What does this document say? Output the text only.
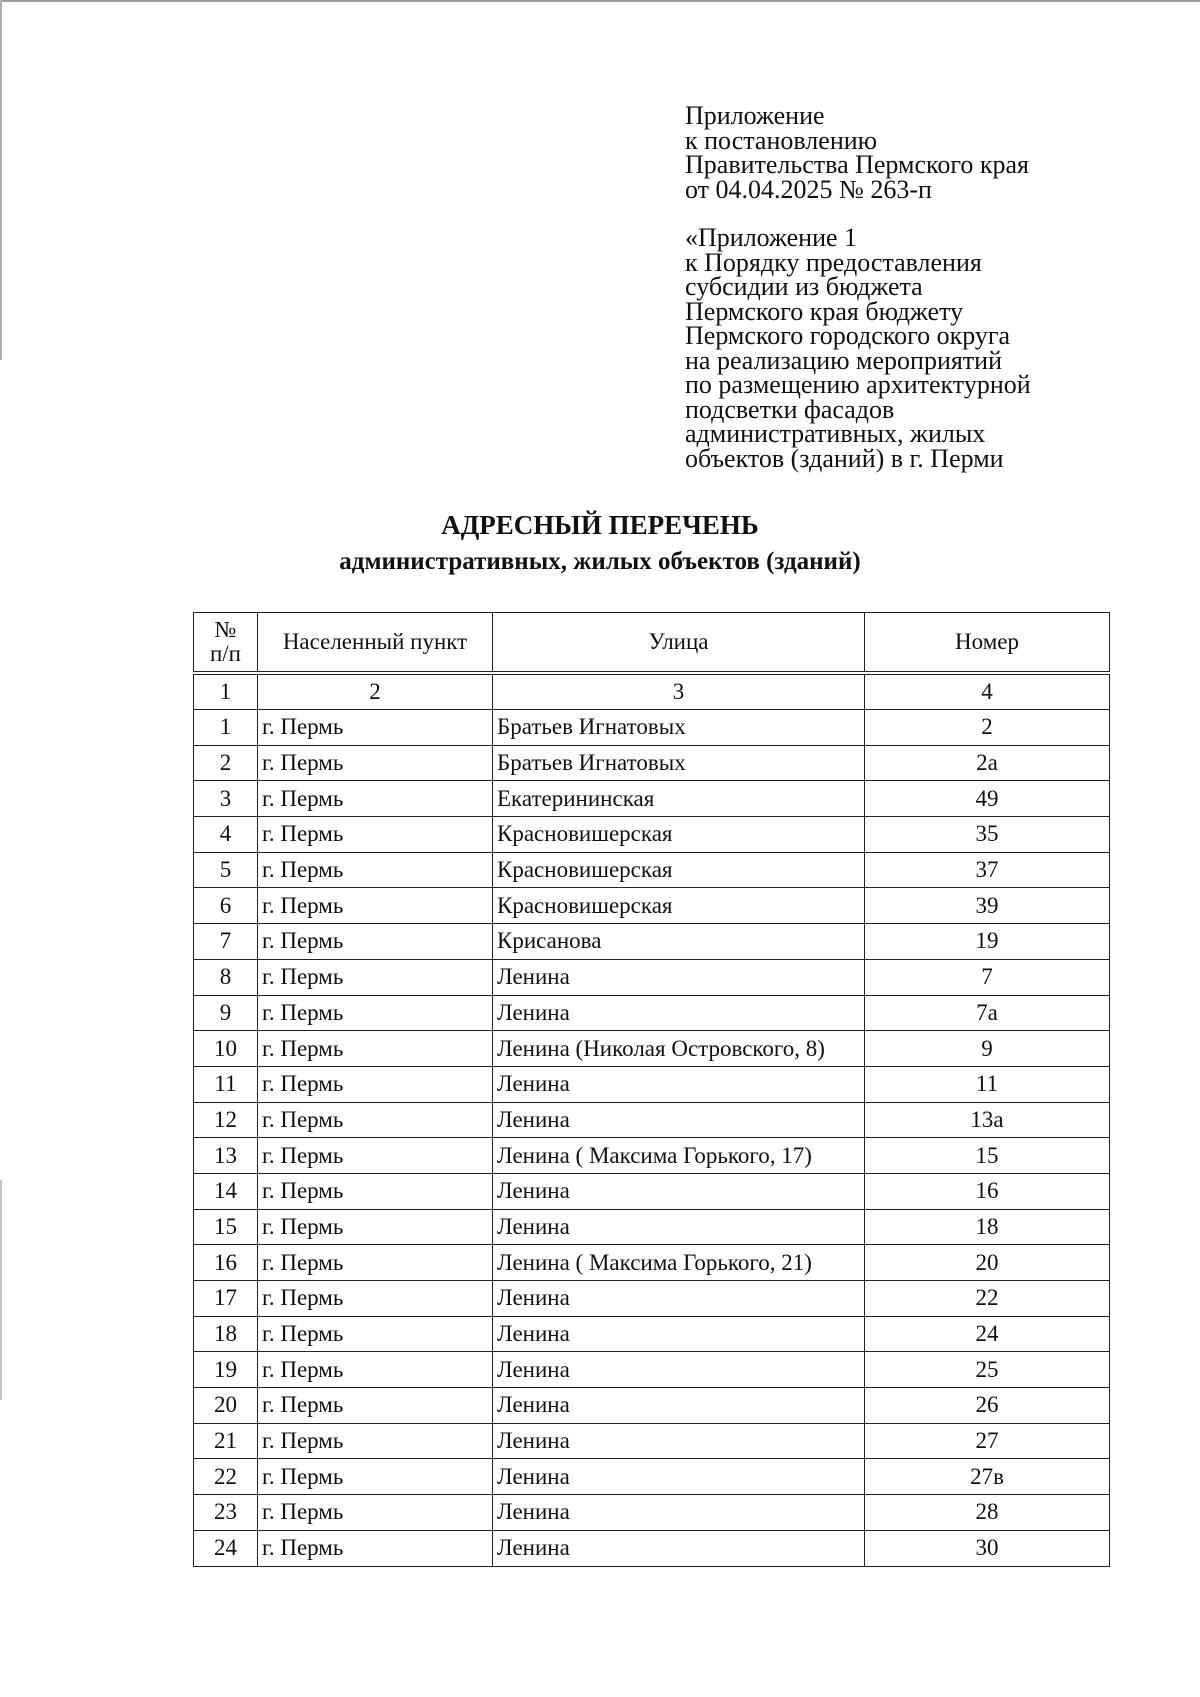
Приложение
к постановлению
Правительства Пермского края
от 04.04.2025 № 263-п
«Приложение 1
к Порядку предоставления
субсидии из бюджета
Пермского края бюджету
Пермского городского округа
на реализацию мероприятий
по размещению архитектурной
подсветки фасадов
административных, жилых
объектов (зданий) в г. Перми
АДРЕСНЫЙ ПЕРЕЧЕНЬ
административных, жилых объектов (зданий)
№
п/п	Населенный пункт	Улица	Номер
1	2	3	4
1	г. Пермь	Братьев Игнатовых	2
2	г. Пермь	Братьев Игнатовых	2а
3	г. Пермь	Екатерининская	49
4	г. Пермь	Красновишерская	35
5	г. Пермь	Красновишерская	37
6	г. Пермь	Красновишерская	39
7	г. Пермь	Крисанова	19
8	г. Пермь	Ленина	7
9	г. Пермь	Ленина	7а
10	г. Пермь	Ленина (Николая Островского, 8)	9
11	г. Пермь	Ленина	11
12	г. Пермь	Ленина	13а
13	г. Пермь	Ленина ( Максима Горького, 17)	15
14	г. Пермь	Ленина	16
15	г. Пермь	Ленина	18
16	г. Пермь	Ленина ( Максима Горького, 21)	20
17	г. Пермь	Ленина	22
18	г. Пермь	Ленина	24
19	г. Пермь	Ленина	25
20	г. Пермь	Ленина	26
21	г. Пермь	Ленина	27
22	г. Пермь	Ленина	27в
23	г. Пермь	Ленина	28
24	г. Пермь	Ленина	30
